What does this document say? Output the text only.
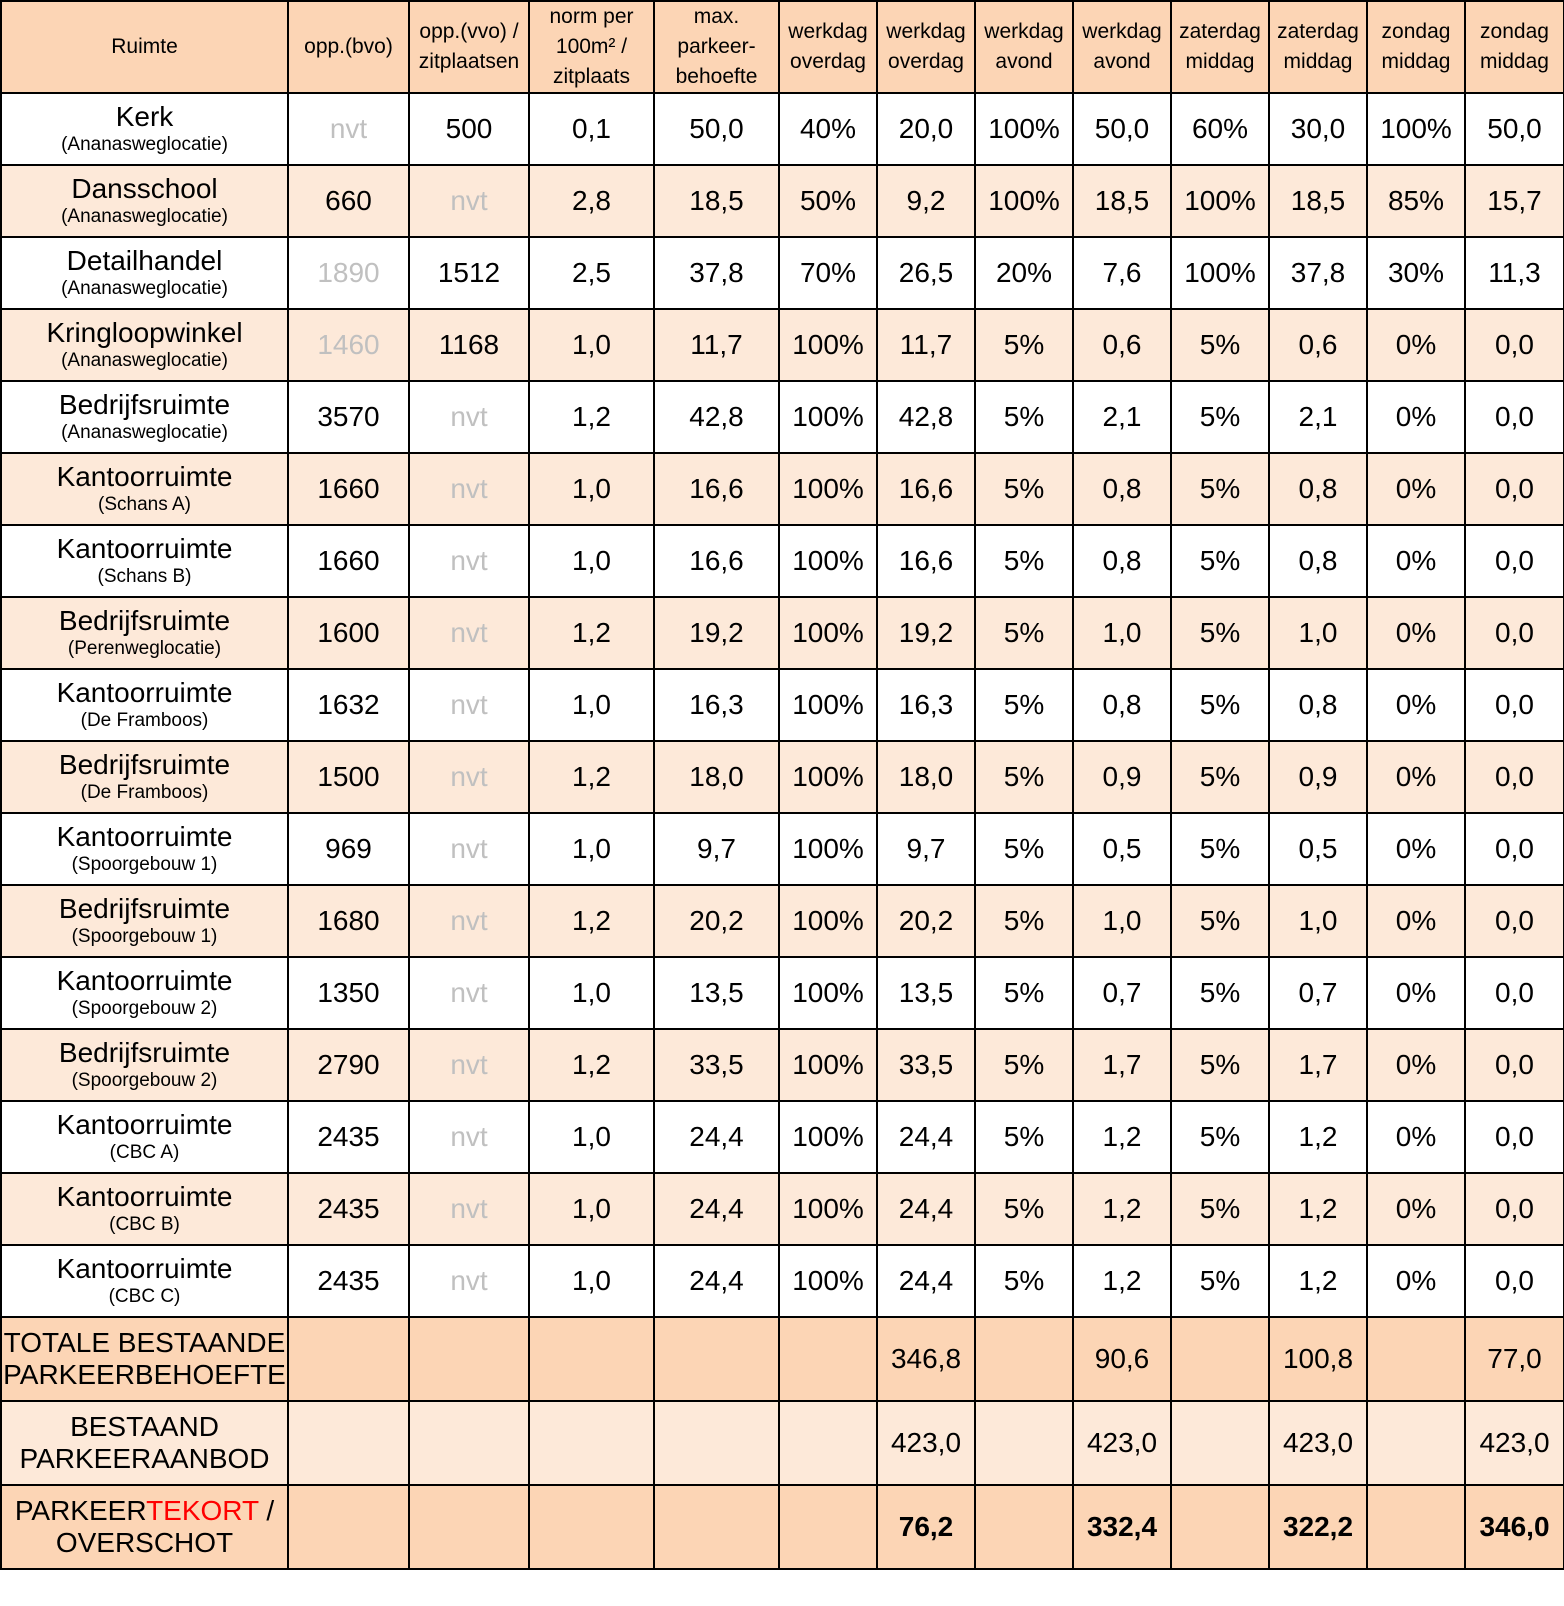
Ruimte	opp.(bvo)	opp.(vvo) / zitplaatsen	norm per 100m² / zitplaats	max. parkeer-behoefte	werkdag overdag	werkdag overdag	werkdag avond	werkdag avond	zaterdag middag	zaterdag middag	zondag middag	zondag middag

Kerk
(Ananasweglocatie)	nvt	500	0,1	50,0	40%	20,0	100%	50,0	60%	30,0	100%	50,0

Dansschool
(Ananasweglocatie)	660	nvt	2,8	18,5	50%	9,2	100%	18,5	100%	18,5	85%	15,7

Detailhandel
(Ananasweglocatie)	1890	1512	2,5	37,8	70%	26,5	20%	7,6	100%	37,8	30%	11,3

Kringloopwinkel
(Ananasweglocatie)	1460	1168	1,0	11,7	100%	11,7	5%	0,6	5%	0,6	0%	0,0

Bedrijfsruimte
(Ananasweglocatie)	3570	nvt	1,2	42,8	100%	42,8	5%	2,1	5%	2,1	0%	0,0

Kantoorruimte
(Schans A)	1660	nvt	1,0	16,6	100%	16,6	5%	0,8	5%	0,8	0%	0,0

Kantoorruimte
(Schans B)	1660	nvt	1,0	16,6	100%	16,6	5%	0,8	5%	0,8	0%	0,0

Bedrijfsruimte
(Perenweglocatie)	1600	nvt	1,2	19,2	100%	19,2	5%	1,0	5%	1,0	0%	0,0

Kantoorruimte
(De Framboos)	1632	nvt	1,0	16,3	100%	16,3	5%	0,8	5%	0,8	0%	0,0

Bedrijfsruimte
(De Framboos)	1500	nvt	1,2	18,0	100%	18,0	5%	0,9	5%	0,9	0%	0,0

Kantoorruimte
(Spoorgebouw 1)	969	nvt	1,0	9,7	100%	9,7	5%	0,5	5%	0,5	0%	0,0

Bedrijfsruimte
(Spoorgebouw 1)	1680	nvt	1,2	20,2	100%	20,2	5%	1,0	5%	1,0	0%	0,0

Kantoorruimte
(Spoorgebouw 2)	1350	nvt	1,0	13,5	100%	13,5	5%	0,7	5%	0,7	0%	0,0

Bedrijfsruimte
(Spoorgebouw 2)	2790	nvt	1,2	33,5	100%	33,5	5%	1,7	5%	1,7	0%	0,0

Kantoorruimte
(CBC A)	2435	nvt	1,0	24,4	100%	24,4	5%	1,2	5%	1,2	0%	0,0

Kantoorruimte
(CBC B)	2435	nvt	1,0	24,4	100%	24,4	5%	1,2	5%	1,2	0%	0,0

Kantoorruimte
(CBC C)	2435	nvt	1,0	24,4	100%	24,4	5%	1,2	5%	1,2	0%	0,0
TOTALE BESTAANDE
PARKEERBEHOEFTE						346,8		90,6		100,8		77,0
BESTAAND
PARKEERAANBOD						423,0		423,0		423,0		423,0
PARKEERTEKORT /
OVERSCHOT						76,2		332,4		322,2		346,0
